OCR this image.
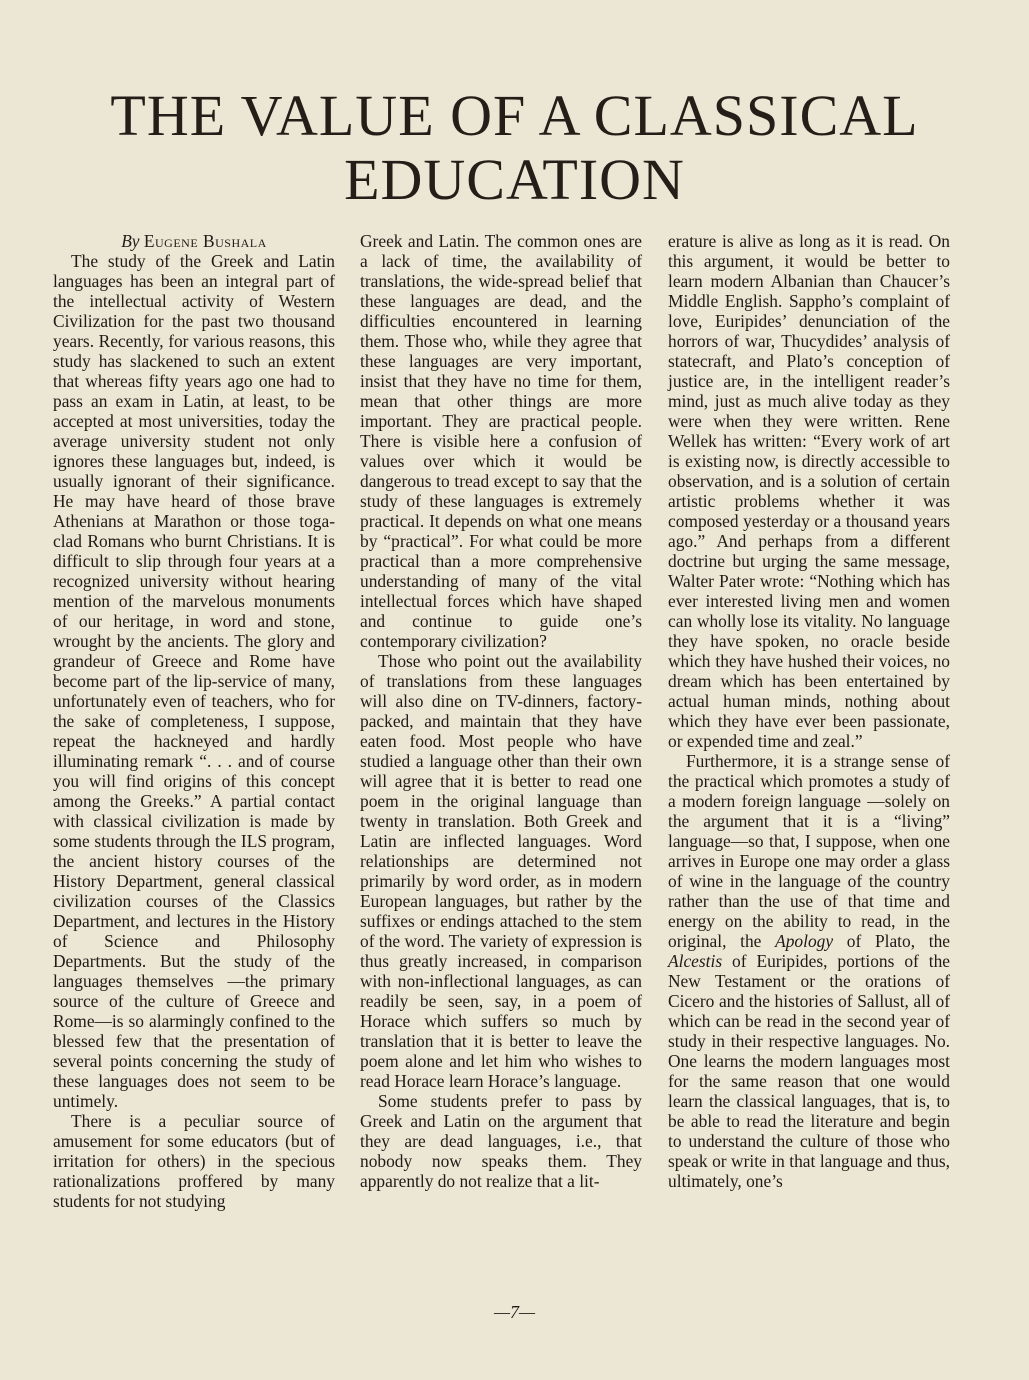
THE VALUE OF A CLASSICAL EDUCATION

By Eugene Bushala

The study of the Greek and Latin languages has been an integral part of the intellectual activity of Western Civilization for the past two thousand years. Recently, for various reasons, this study has slackened to such an extent that whereas fifty years ago one had to pass an exam in Latin, at least, to be accepted at most universities, today the average university student not only ignores these languages but, indeed, is usually ignorant of their significance. He may have heard of those brave Athenians at Marathon or those toga-clad Romans who burnt Christians. It is difficult to slip through four years at a recognized university without hearing mention of the marvelous monuments of our heritage, in word and stone, wrought by the ancients. The glory and grandeur of Greece and Rome have become part of the lip-service of many, unfortunately even of teachers, who for the sake of completeness, I suppose, repeat the hackneyed and hardly illuminating remark “. . . and of course you will find origins of this concept among the Greeks.” A partial contact with classical civilization is made by some students through the ILS program, the ancient history courses of the History Department, general classical civilization courses of the Classics Department, and lectures in the History of Science and Philosophy Departments. But the study of the languages themselves —the primary source of the culture of Greece and Rome—is so alarmingly confined to the blessed few that the presentation of several points concerning the study of these languages does not seem to be untimely.

There is a peculiar source of amusement for some educators (but of irritation for others) in the specious rationalizations proffered by many students for not studying

Greek and Latin. The common ones are a lack of time, the availability of translations, the wide-spread belief that these languages are dead, and the difficulties encountered in learning them. Those who, while they agree that these languages are very important, insist that they have no time for them, mean that other things are more important. They are practical people. There is visible here a confusion of values over which it would be dangerous to tread except to say that the study of these languages is extremely practical. It depends on what one means by “practical”. For what could be more practical than a more comprehensive understanding of many of the vital intellectual forces which have shaped and continue to guide one’s contemporary civilization?

Those who point out the availability of translations from these languages will also dine on TV-dinners, factory-packed, and maintain that they have eaten food. Most people who have studied a language other than their own will agree that it is better to read one poem in the original language than twenty in translation. Both Greek and Latin are inflected languages. Word relationships are determined not primarily by word order, as in modern European languages, but rather by the suffixes or endings attached to the stem of the word. The variety of expression is thus greatly increased, in comparison with non-inflectional languages, as can readily be seen, say, in a poem of Horace which suffers so much by translation that it is better to leave the poem alone and let him who wishes to read Horace learn Horace’s language.

Some students prefer to pass by Greek and Latin on the argument that they are dead languages, i.e., that nobody now speaks them. They apparently do not realize that a lit-

erature is alive as long as it is read. On this argument, it would be better to learn modern Albanian than Chaucer’s Middle English. Sappho’s complaint of love, Euripides’ denunciation of the horrors of war, Thucydides’ analysis of statecraft, and Plato’s conception of justice are, in the intelligent reader’s mind, just as much alive today as they were when they were written. Rene Wellek has written: “Every work of art is existing now, is directly accessible to observation, and is a solution of certain artistic problems whether it was composed yesterday or a thousand years ago.” And perhaps from a different doctrine but urging the same message, Walter Pater wrote: “Nothing which has ever interested living men and women can wholly lose its vitality. No language they have spoken, no oracle beside which they have hushed their voices, no dream which has been entertained by actual human minds, nothing about which they have ever been passionate, or expended time and zeal.”

Furthermore, it is a strange sense of the practical which promotes a study of a modern foreign language —solely on the argument that it is a “living” language—so that, I suppose, when one arrives in Europe one may order a glass of wine in the language of the country rather than the use of that time and energy on the ability to read, in the original, the Apology of Plato, the Alcestis of Euripides, portions of the New Testament or the orations of Cicero and the histories of Sallust, all of which can be read in the second year of study in their respective languages. No. One learns the modern languages most for the same reason that one would learn the classical languages, that is, to be able to read the literature and begin to understand the culture of those who speak or write in that language and thus, ultimately, one’s

—7—
